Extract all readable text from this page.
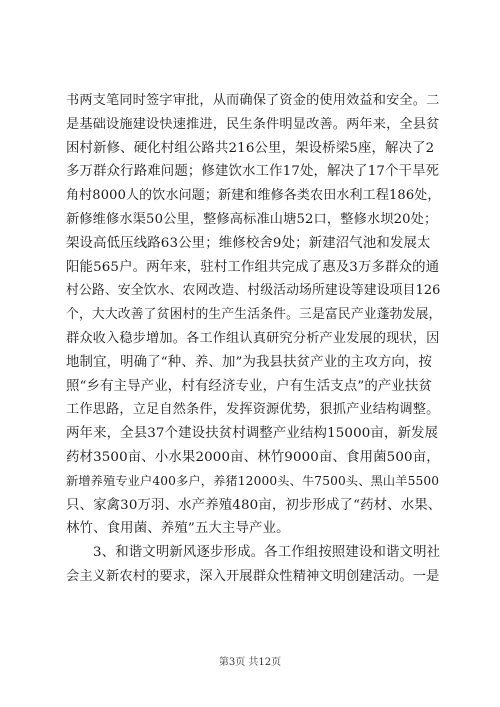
书两支笔同时签字审批，从而确保了资金的使用效益和安全。二
是基础设施建设快速推进，民生条件明显改善。两年来，全县贫
困村新修、硬化村组公路共216公里，架设桥梁5座，解决了2
多万群众行路难问题；修建饮水工作17处，解决了17个干旱死
角村8000人的饮水问题；新建和维修各类农田水利工程186处，
新修维修水渠50公里，整修高标准山塘52口，整修水坝20处；
架设高低压线路63公里；维修校舍9处；新建沼气池和发展太
阳能565户。两年来，驻村工作组共完成了惠及3万多群众的通
村公路、安全饮水、农网改造、村级活动场所建设等建设项目126
个，大大改善了贫困村的生产生活条件。三是富民产业蓬勃发展，
群众收入稳步增加。各工作组认真研究分析产业发展的现状，因
地制宜，明确了“种、养、加”为我县扶贫产业的主攻方向，按
照“乡有主导产业，村有经济专业，户有生活支点”的产业扶贫
工作思路，立足自然条件，发挥资源优势，狠抓产业结构调整。
两年来，全县37个建设扶贫村调整产业结构15000亩，新发展
药材3500亩、小水果2000亩、林竹9000亩、食用菌500亩，
新增养殖专业户400多户，养猪12000头、牛7500头、黑山羊5500
只、家禽30万羽、水产养殖480亩，初步形成了“药材、水果、
林竹、食用菌、养殖”五大主导产业。
3、和谐文明新风逐步形成。各工作组按照建设和谐文明社
会主义新农村的要求，深入开展群众性精神文明创建活动。一是
第3页 共12页
